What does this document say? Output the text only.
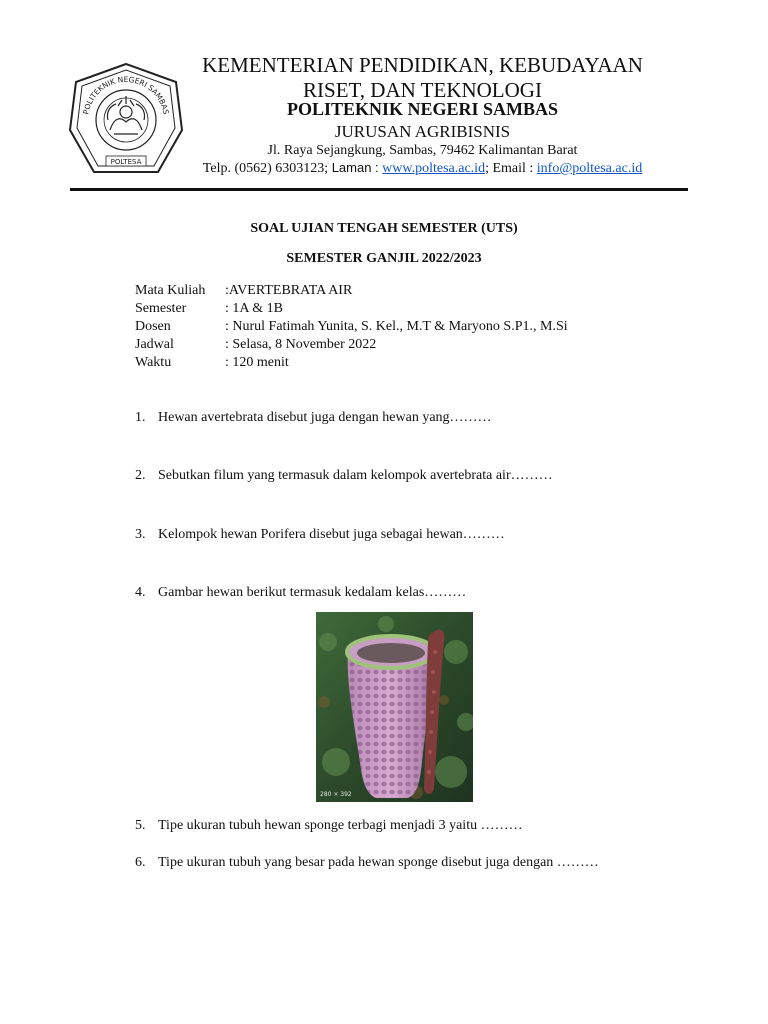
POLITEKNIK NEGERI SAMBAS
POLTESA
KEMENTERIAN PENDIDIKAN, KEBUDAYAAN
RISET, DAN TEKNOLOGI
POLITEKNIK NEGERI SAMBAS
JURUSAN AGRIBISNIS
Jl. Raya Sejangkung, Sambas, 79462 Kalimantan Barat
Telp. (0562) 6303123; Laman : www.poltesa.ac.id; Email : info@poltesa.ac.id
SOAL UJIAN TENGAH SEMESTER (UTS)
SEMESTER GANJIL 2022/2023
Mata Kuliah	:AVERTEBRATA AIR
Semester	: 1A & 1B
Dosen	: Nurul Fatimah Yunita, S. Kel., M.T & Maryono S.P1., M.Si
Jadwal	: Selasa, 8 November 2022
Waktu	: 120 menit
1. Hewan avertebrata disebut juga dengan hewan yang………
2. Sebutkan filum yang termasuk dalam kelompok avertebrata air………
3. Kelompok hewan Porifera disebut juga sebagai hewan………
4. Gambar hewan berikut termasuk kedalam kelas………
280 × 392
5. Tipe ukuran tubuh hewan sponge terbagi menjadi 3 yaitu ………
6. Tipe ukuran tubuh yang besar pada hewan sponge disebut juga dengan ………
